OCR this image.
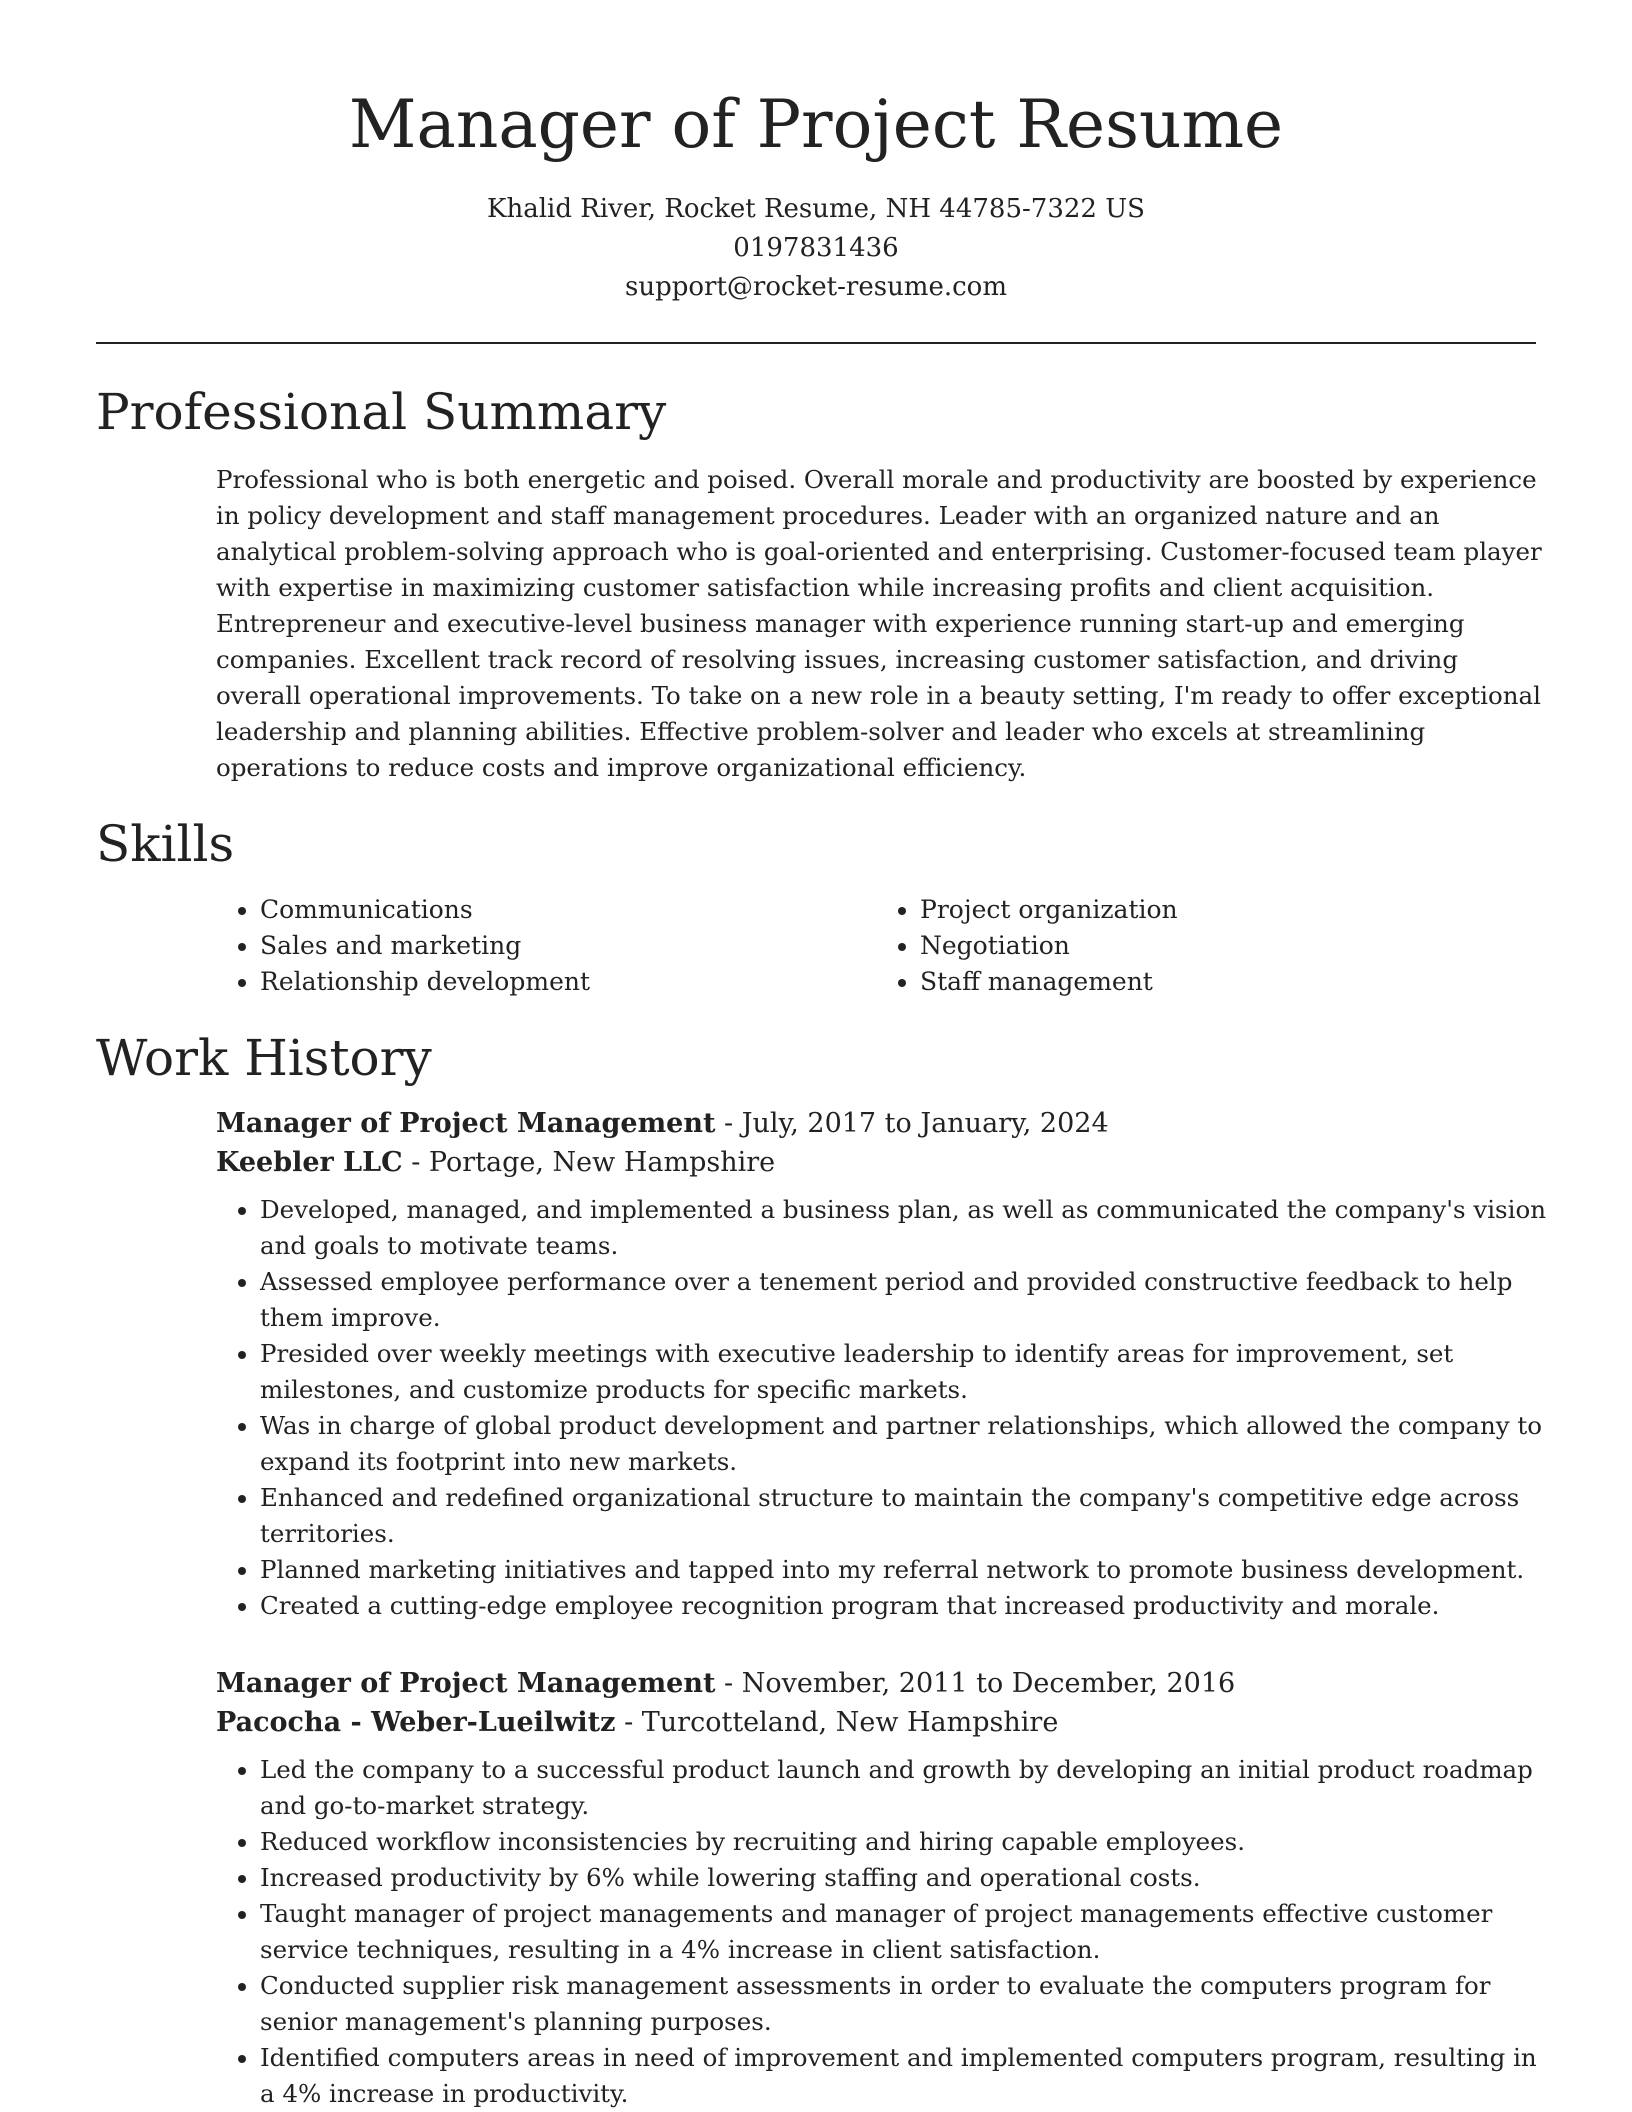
Manager of Project Resume
Khalid River, Rocket Resume, NH 44785-7322 US
0197831436
support@rocket-resume.com
Professional Summary

Professional who is both energetic and poised. Overall morale and productivity are boosted by experience in policy development and staff management procedures. Leader with an organized nature and an analytical problem-solving approach who is goal-oriented and enterprising. Customer-focused team player with expertise in maximizing customer satisfaction while increasing profits and client acquisition. Entrepreneur and executive-level business manager with experience running start-up and emerging companies. Excellent track record of resolving issues, increasing customer satisfaction, and driving overall operational improvements. To take on a new role in a beauty setting, I'm ready to offer exceptional leadership and planning abilities. Effective problem-solver and leader who excels at streamlining operations to reduce costs and improve organizational efficiency.

Skills
• Communications
• Sales and marketing
• Relationship development
• Project organization
• Negotiation
• Staff management
Work History
Manager of Project Management - July, 2017 to January, 2024
Keebler LLC - Portage, New Hampshire
• Developed, managed, and implemented a business plan, as well as communicated the company's vision and goals to motivate teams.
• Assessed employee performance over a tenement period and provided constructive feedback to help them improve.
• Presided over weekly meetings with executive leadership to identify areas for improvement, set milestones, and customize products for specific markets.
• Was in charge of global product development and partner relationships, which allowed the company to expand its footprint into new markets.
• Enhanced and redefined organizational structure to maintain the company's competitive edge across territories.
• Planned marketing initiatives and tapped into my referral network to promote business development.
• Created a cutting-edge employee recognition program that increased productivity and morale.
Manager of Project Management - November, 2011 to December, 2016
Pacocha - Weber-Lueilwitz - Turcotteland, New Hampshire
• Led the company to a successful product launch and growth by developing an initial product roadmap and go-to-market strategy.
• Reduced workflow inconsistencies by recruiting and hiring capable employees.
• Increased productivity by 6% while lowering staffing and operational costs.
• Taught manager of project managements and manager of project managements effective customer service techniques, resulting in a 4% increase in client satisfaction.
• Conducted supplier risk management assessments in order to evaluate the computers program for senior management's planning purposes.
• Identified computers areas in need of improvement and implemented computers program, resulting in a 4% increase in productivity.
